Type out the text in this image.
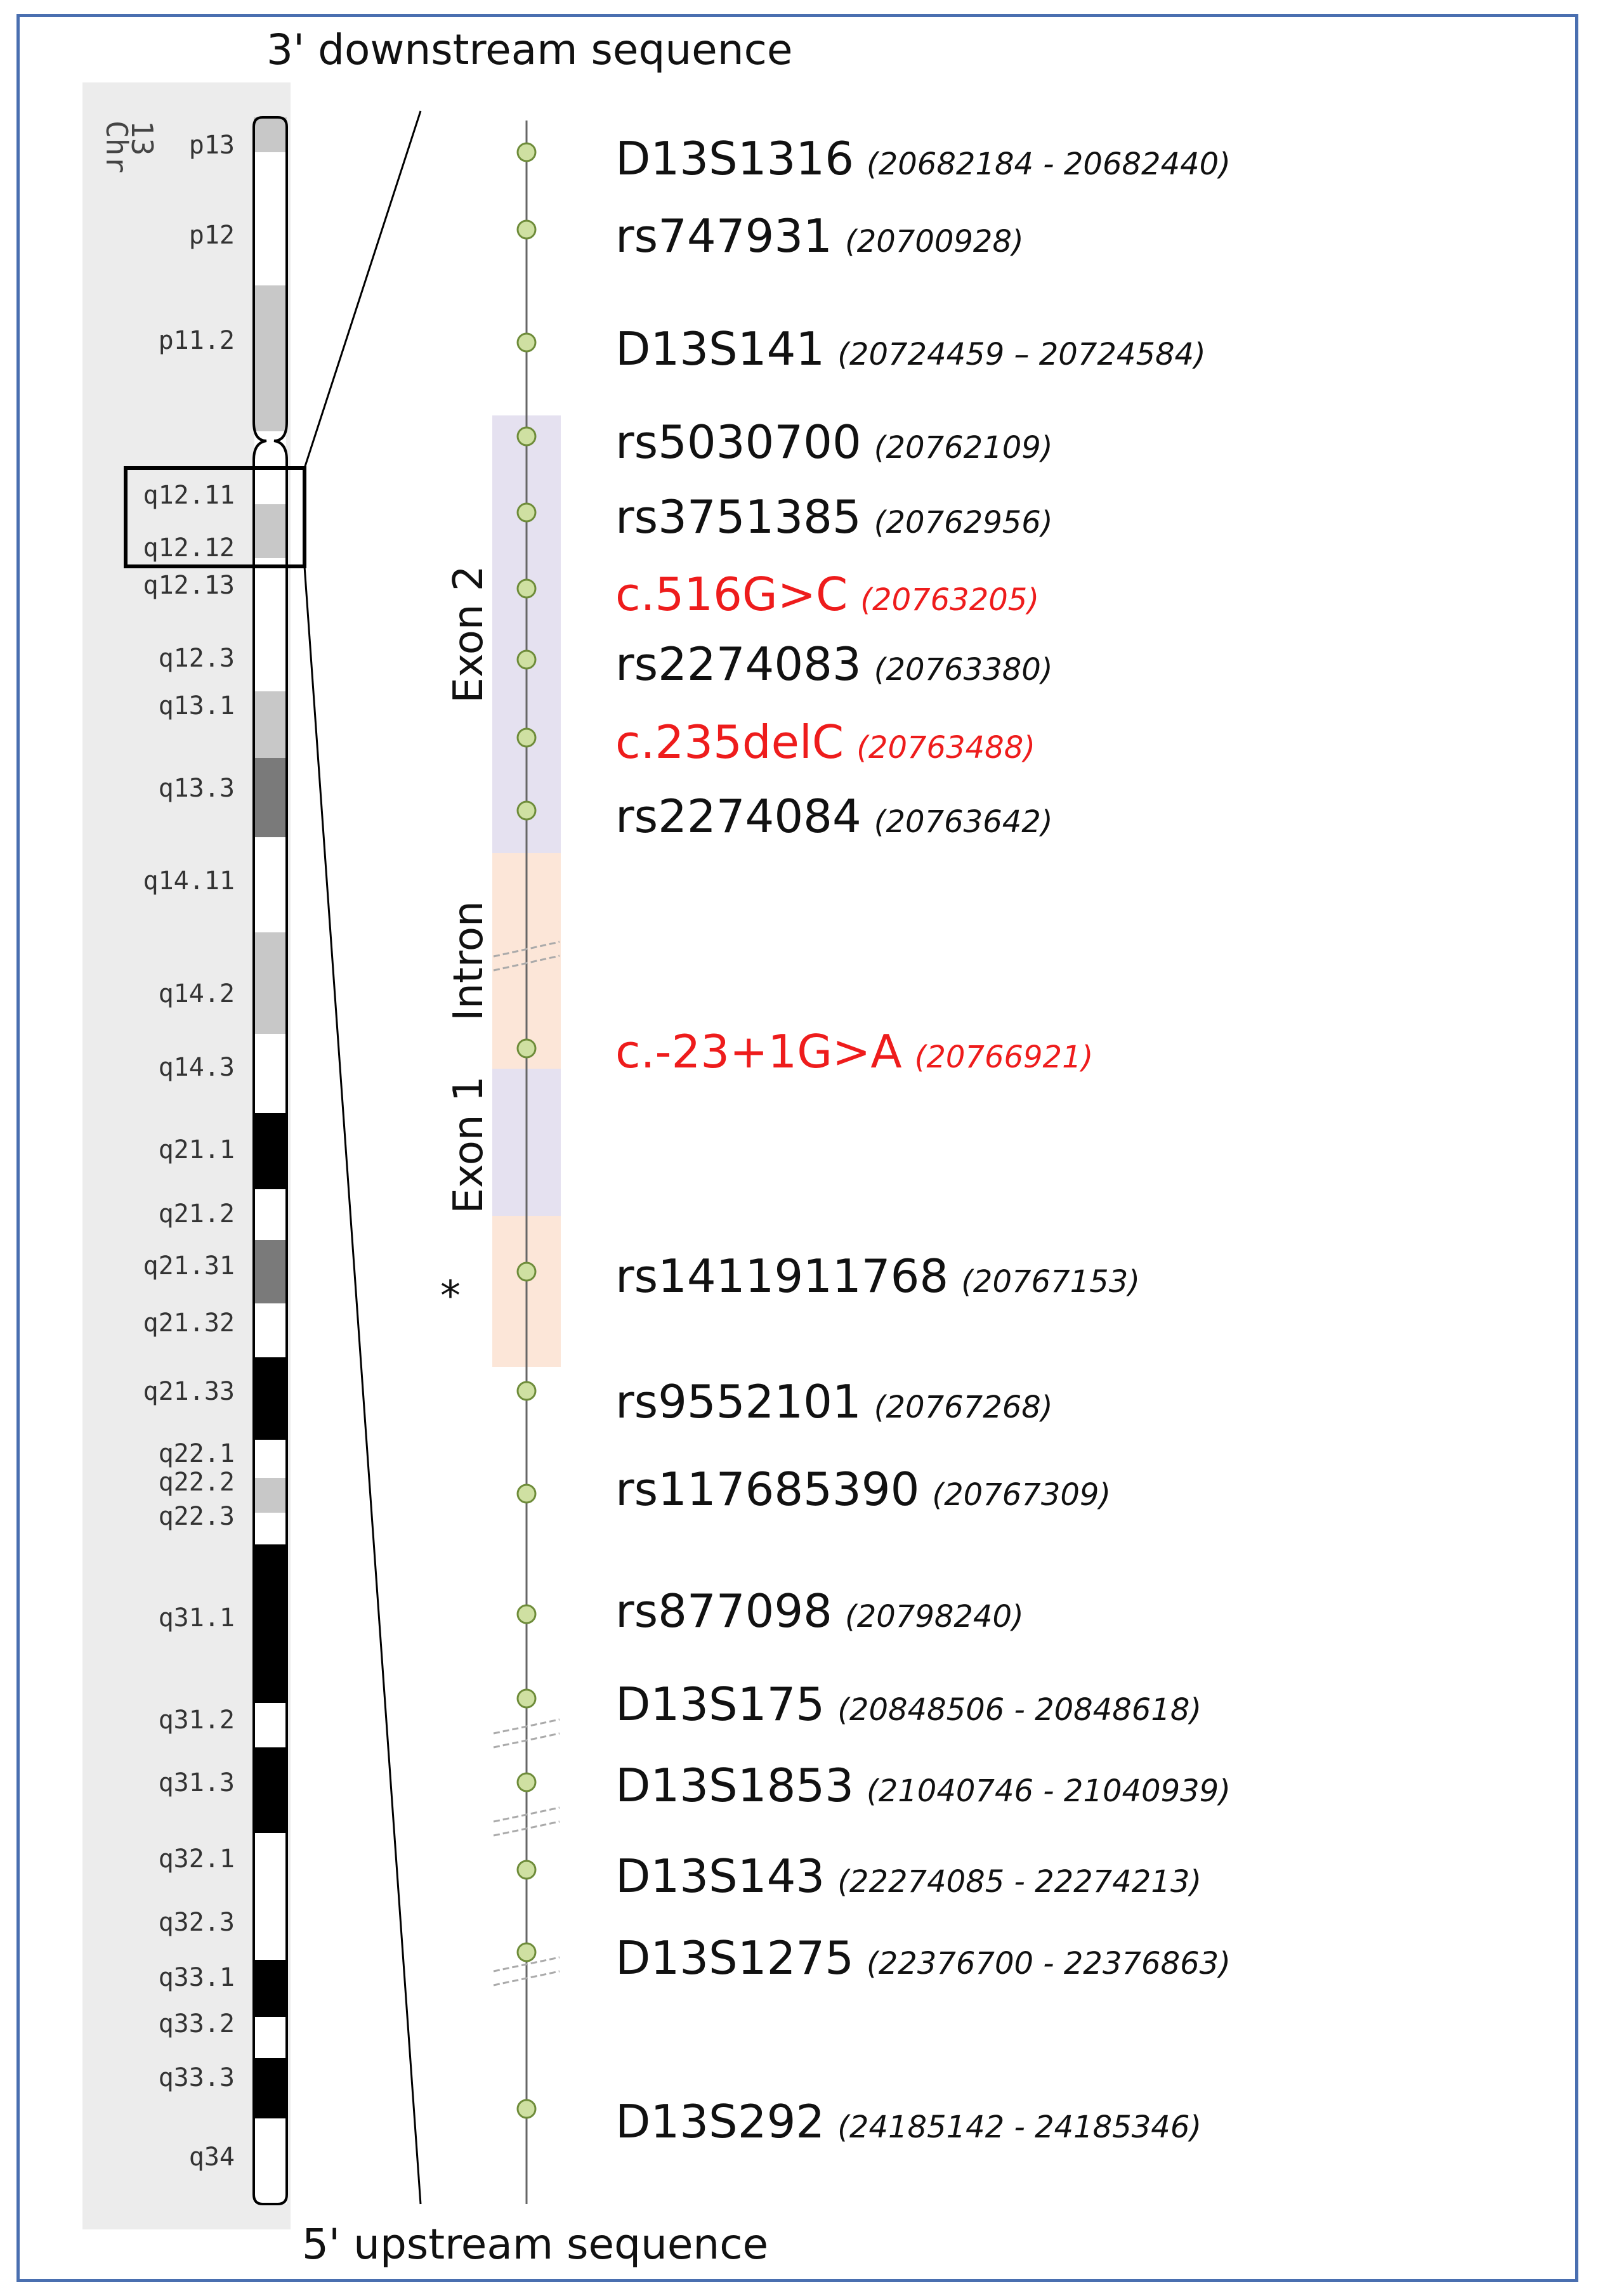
3' downstream sequence
5' upstream sequence
Chr
13 p13
p12
p11.2
q12.11
q12.12
q12.13
q12.3
q13.1
q13.3
q14.11
q14.2
q14.3
q21.1
q21.2
q21.31
q21.32
q21.33
q22.1
q22.2
q22.3
q31.1
q31.2
q31.3
q32.1
q32.3
q33.1
q33.2
q33.3
q34
Exon 2
Intron
Exon 1
*
D13S1316 (20682184 - 20682440)
rs747931 (20700928)
D13S141 (20724459 – 20724584)
rs5030700 (20762109)
rs3751385 (20762956)
c.516G>C (20763205)
rs2274083 (20763380)
c.235delC (20763488)
rs2274084 (20763642)
c.-23+1G>A (20766921)
rs1411911768 (20767153)
rs9552101 (20767268)
rs117685390 (20767309)
rs877098 (20798240)
D13S175 (20848506 - 20848618)
D13S1853 (21040746 - 21040939)
D13S143 (22274085 - 22274213)
D13S1275 (22376700 - 22376863)
D13S292 (24185142 - 24185346)
